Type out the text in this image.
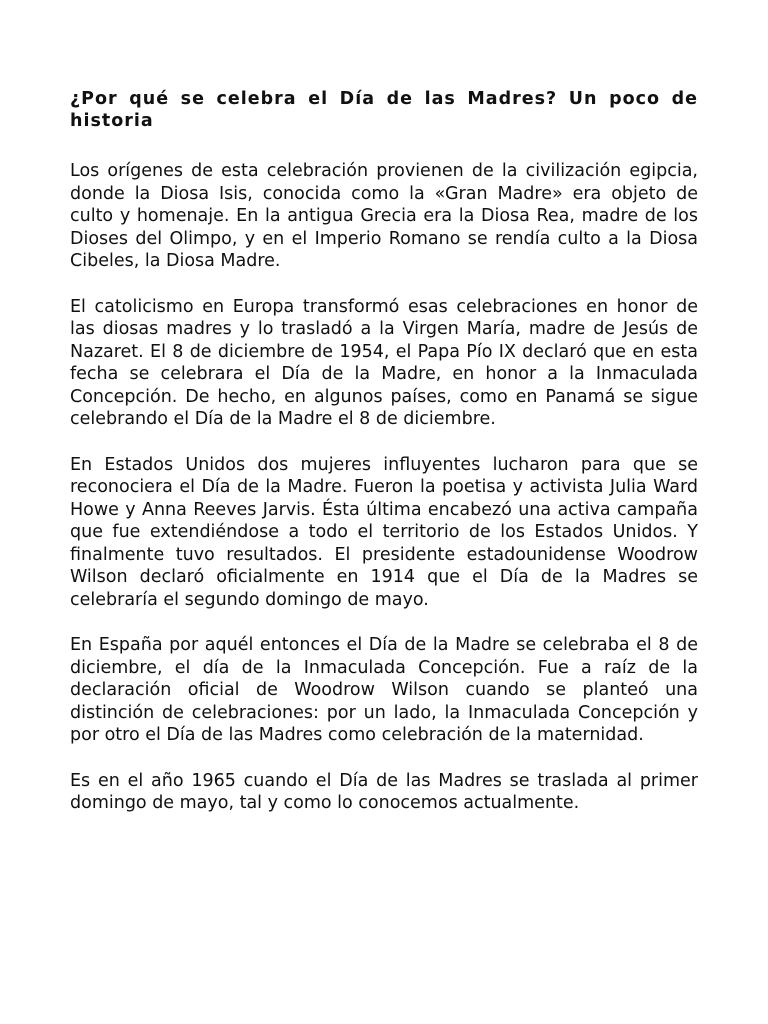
¿Por qué se celebra el Día de las Madres? Un poco de historia

Los orígenes de esta celebración provienen de la civilización egipcia, donde la Diosa Isis, conocida como la «Gran Madre» era objeto de culto y homenaje. En la antigua Grecia era la Diosa Rea, madre de los Dioses del Olimpo, y en el Imperio Romano se rendía culto a la Diosa Cibeles, la Diosa Madre.

El catolicismo en Europa transformó esas celebraciones en honor de las diosas madres y lo trasladó a la Virgen María, madre de Jesús de Nazaret. El 8 de diciembre de 1954, el Papa Pío IX declaró que en esta fecha se celebrara el Día de la Madre, en honor a la Inmaculada Concepción. De hecho, en algunos países, como en Panamá se sigue celebrando el Día de la Madre el 8 de diciembre.

En Estados Unidos dos mujeres influyentes lucharon para que se reconociera el Día de la Madre. Fueron la poetisa y activista Julia Ward Howe y Anna Reeves Jarvis. Ésta última encabezó una activa campaña que fue extendiéndose a todo el territorio de los Estados Unidos. Y finalmente tuvo resultados. El presidente estadounidense Woodrow Wilson declaró oficialmente en 1914 que el Día de la Madres se celebraría el segundo domingo de mayo.

En España por aquél entonces el Día de la Madre se celebraba el 8 de diciembre, el día de la Inmaculada Concepción. Fue a raíz de la declaración oficial de Woodrow Wilson cuando se planteó una distinción de celebraciones: por un lado, la Inmaculada Concepción y por otro el Día de las Madres como celebración de la maternidad.

Es en el año 1965 cuando el Día de las Madres se traslada al primer domingo de mayo, tal y como lo conocemos actualmente.
